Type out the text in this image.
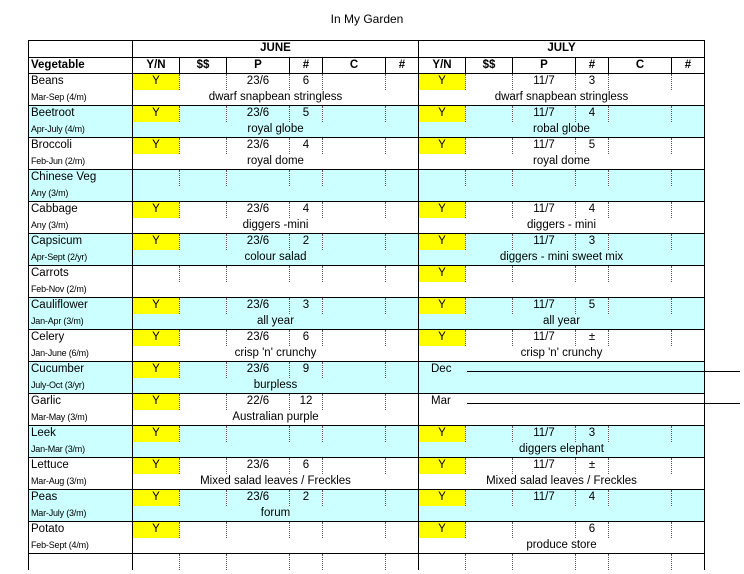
In My Garden
	JUNE						JULY					
Vegetable	Y/N	$$	P	#	C	#	Y/N	$$	P	#	C	#
Beans	Y		23/6	6			Y		11/7	3		
Mar-Sep (4/m)	dwarf snapbean stringless						dwarf snapbean stringless					
Beetroot	Y		23/6	5			Y		11/7	4		
Apr-July (4/m)	royal globe						robal globe					
Broccoli	Y		23/6	4			Y		11/7	5		
Feb-Jun (2/m)	royal dome						royal dome					
Chinese Veg												
Any (3/m)												
Cabbage	Y		23/6	4			Y		11/7	4		
Any (3/m)	diggers -mini						diggers - mini					
Capsicum	Y		23/6	2			Y		11/7	3		
Apr-Sept (2/yr)	colour salad						diggers - mini sweet mix					
Carrots							Y					
Feb-Nov (2/m)												
Cauliflower	Y		23/6	3			Y		11/7	5		
Jan-Apr (3/m)	all year						all year					
Celery	Y		23/6	6			Y		11/7	±		
Jan-June (6/m)	crisp 'n' crunchy						crisp 'n' crunchy					
Cucumber	Y		23/6	9			Dec					
July-Oct (3/yr)	burpless											
Garlic	Y		22/6	12			Mar					
Mar-May (3/m)	Australian purple											
Leek	Y						Y		11/7	3		
Jan-Mar (3/m)							diggers elephant					
Lettuce	Y		23/6	6			Y		11/7	±		
Mar-Aug (3/m)	Mixed salad leaves / Freckles						Mixed salad leaves / Freckles					
Peas	Y		23/6	2			Y		11/7	4		
Mar-July (3/m)	forum											
Potato	Y						Y			6		
Feb-Sept (4/m)							produce store					
